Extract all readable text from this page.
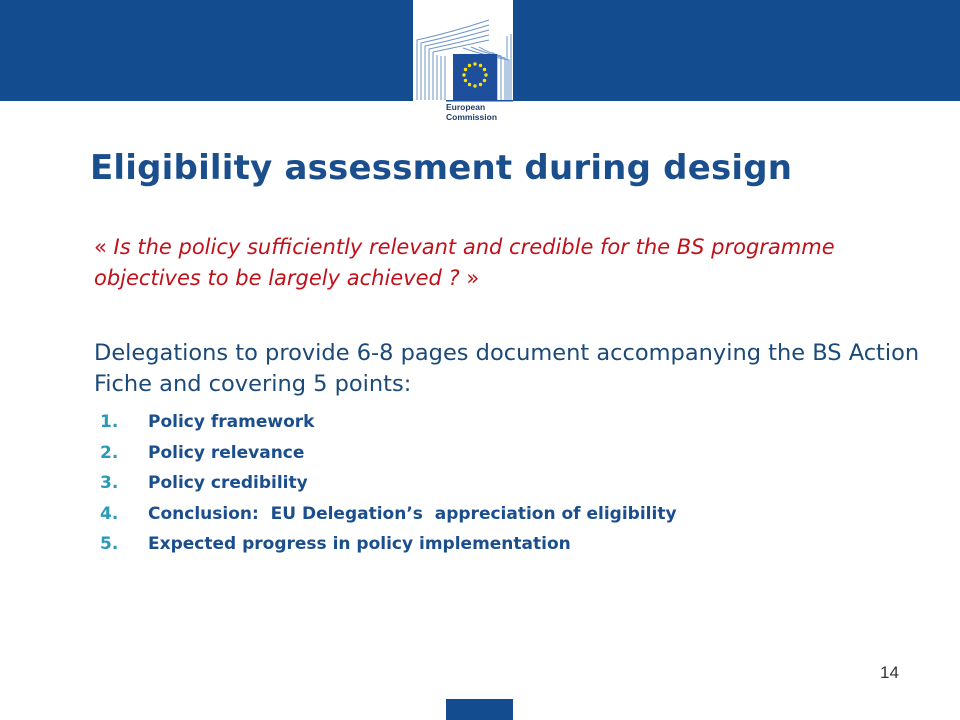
European
Commission
Eligibility assessment during design

« Is the policy sufficiently relevant and credible for the BS programme objectives to be largely achieved ? »

Delegations to provide 6-8 pages document accompanying the BS Action Fiche and covering 5 points:

1.	Policy framework
2.	Policy relevance
3.	Policy credibility
4.	Conclusion:  EU Delegation’s  appreciation of eligibility
5.	Expected progress in policy implementation
14
